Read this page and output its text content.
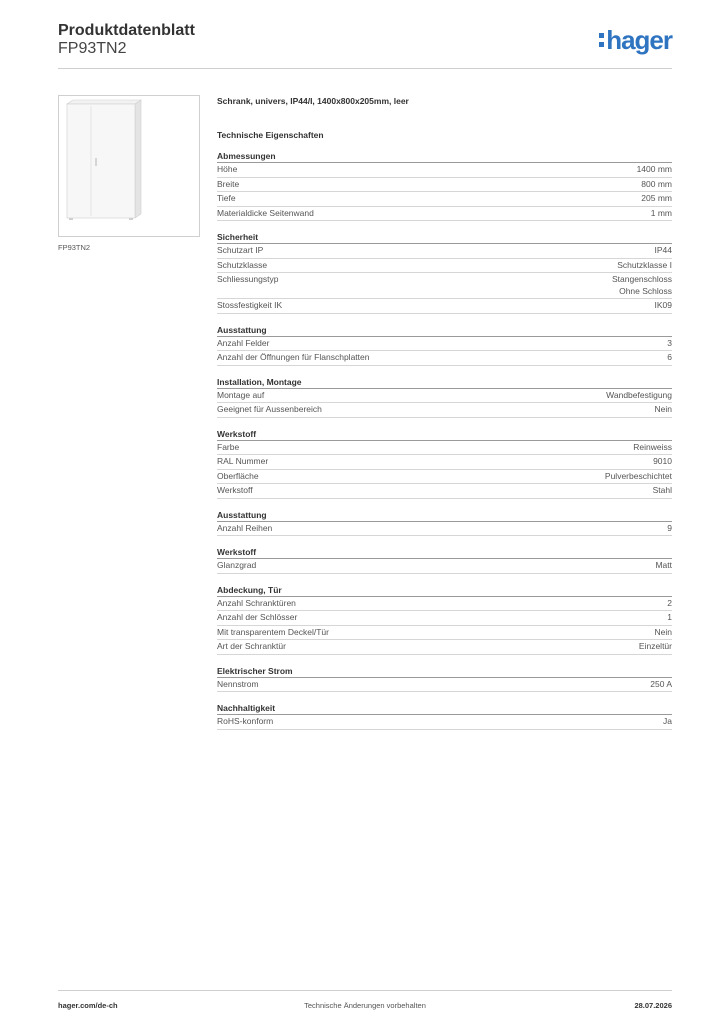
Produktdatenblatt
FP93TN2	hager
FP93TN2
Schrank, univers, IP44/I, 1400x800x205mm, leer
Technische Eigenschaften
Abmessungen
Höhe	1400 mm
Breite	800 mm
Tiefe	205 mm
Materialdicke Seitenwand	1 mm
Sicherheit
Schutzart IP	IP44
Schutzklasse	Schutzklasse I
Schliessungstyp	Stangenschloss
Ohne Schloss
Stossfestigkeit IK	IK09
Ausstattung
Anzahl Felder	3
Anzahl der Öffnungen für Flanschplatten	6
Installation, Montage
Montage auf	Wandbefestigung
Geeignet für Aussenbereich	Nein
Werkstoff
Farbe	Reinweiss
RAL Nummer	9010
Oberfläche	Pulverbeschichtet
Werkstoff	Stahl
Ausstattung
Anzahl Reihen	9
Werkstoff
Glanzgrad	Matt
Abdeckung, Tür
Anzahl Schranktüren	2
Anzahl der Schlösser	1
Mit transparentem Deckel/Tür	Nein
Art der Schranktür	Einzeltür
Elektrischer Strom
Nennstrom	250 A
Nachhaltigkeit
RoHS-konform	Ja
hager.com/de-ch	Technische Änderungen vorbehalten	28.07.2026
